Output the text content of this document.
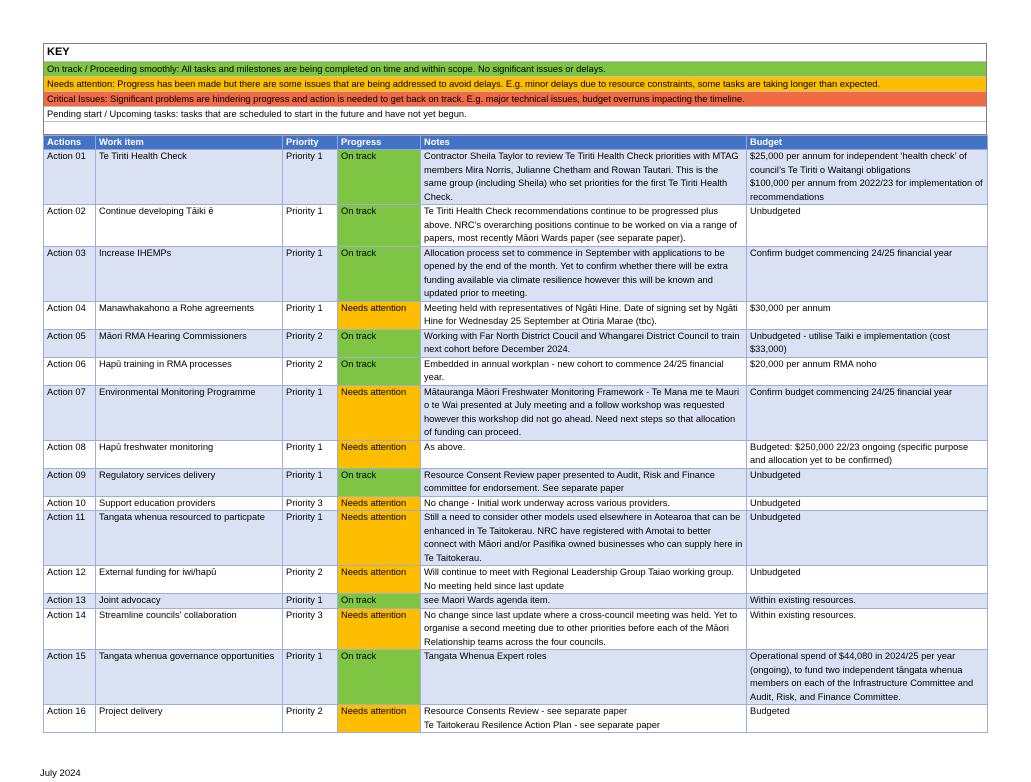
KEY
On track / Proceeding smoothly: All tasks and milestones are being completed on time and within scope. No significant issues or delays.
Needs attention: Progress has been made but there are some issues that are being addressed to avoid delays. E.g. minor delays due to resource constraints, some tasks are taking longer than expected.
Critical Issues: Significant problems are hindering progress and action is needed to get back on track. E.g. major technical issues, budget overruns impacting the timeline.
Pending start / Upcoming tasks: tasks that are scheduled to start in the future and have not yet begun.
Actions	Work item	Priority	Progress	Notes	Budget
Action 01	Te Tiriti Health Check	Priority 1	On track	Contractor Sheila Taylor to review Te Tiriti Health Check priorities with MTAG members Mira Norris, Julianne Chetham and Rowan Tautari. This is the same group (including Sheila) who set priorities for the first Te Tiriti Health Check.	$25,000 per annum for independent ‘health check’ of council’s Te Tiriti o Waitangi obligations
$100,000 per annum from 2022/23 for implementation of recommendations
Action 02	Continue developing Tāiki ē	Priority 1	On track	Te Tiriti Health Check recommendations continue to be progressed plus above. NRC’s overarching positions continue to be worked on via a range of papers, most recently Māori Wards paper (see separate paper).	Unbudgeted
Action 03	Increase IHEMPs	Priority 1	On track	Allocation process set to commence in September with applications to be opened by the end of the month. Yet to confirm whether there will be extra funding available via climate resilience however this will be known and updated prior to meeting.	Confirm budget commencing 24/25 financial year
Action 04	Manawhakahono a Rohe agreements	Priority 1	Needs attention	Meeting held with representatives of Ngāti Hine. Date of signing set by Ngāti Hine for Wednesday 25 September at Otiria Marae (tbc).	$30,000 per annum
Action 05	Māori RMA Hearing Commissioners	Priority 2	On track	Working with Far North District Coucil and Whangarei District Council to train next cohort before December 2024.	Unbudgeted - utilise Taiki e implementation (cost $33,000)
Action 06	Hapū training in RMA processes	Priority 2	On track	Embedded in annual workplan - new cohort to commence 24/25 financial year.	$20,000 per annum RMA noho
Action 07	Environmental Monitoring Programme	Priority 1	Needs attention	Mātauranga Māori Freshwater Monitoring Framework - Te Mana me te Mauri o te Wai presented at July meeting and a follow workshop was requested however this workshop did not go ahead. Need next steps so that allocation of funding can proceed.	Confirm budget commencing 24/25 financial year
Action 08	Hapū freshwater monitoring	Priority 1	Needs attention	As above.	Budgeted: $250,000 22/23 ongoing (specific purpose and allocation yet to be confirmed)
Action 09	Regulatory services delivery	Priority 1	On track	Resource Consent Review paper presented to Audit, Risk and Finance committee for endorsement. See separate paper	Unbudgeted
Action 10	Support education providers	Priority 3	Needs attention	No change - Initial work underway across various providers.	Unbudgeted
Action 11	Tangata whenua resourced to particpate	Priority 1	Needs attention	Still a need to consider other models used elsewhere in Aotearoa that can be enhanced in Te Taitokerau. NRC have registered with Amotai to better connect with Māori and/or Pasifika owned businesses who can supply here in Te Taitokerau.	Unbudgeted
Action 12	External funding for iwi/hapū	Priority 2	Needs attention	Will continue to meet with Regional Leadership Group Taiao working group. No meeting held since last update	Unbudgeted
Action 13	Joint advocacy	Priority 1	On track	see Maori Wards agenda item.	Within existing resources.
Action 14	Streamline councils' collaboration	Priority 3	Needs attention	No change since last update where a cross-council meeting was held. Yet to organise a second meeting due to other priorities before each of the Māori Relationship teams across the four councils.	Within existing resources.
Action 15	Tangata whenua governance opportunities	Priority 1	On track	Tangata Whenua Expert roles	Operational spend of $44,080 in 2024/25 per year (ongoing), to fund two independent tāngata whenua members on each of the Infrastructure Committee and Audit, Risk, and Finance Committee.
Action 16	Project delivery	Priority 2	Needs attention	Resource Consents Review - see separate paper
Te Taitokerau Resilence Action Plan - see separate paper	Budgeted
July 2024
